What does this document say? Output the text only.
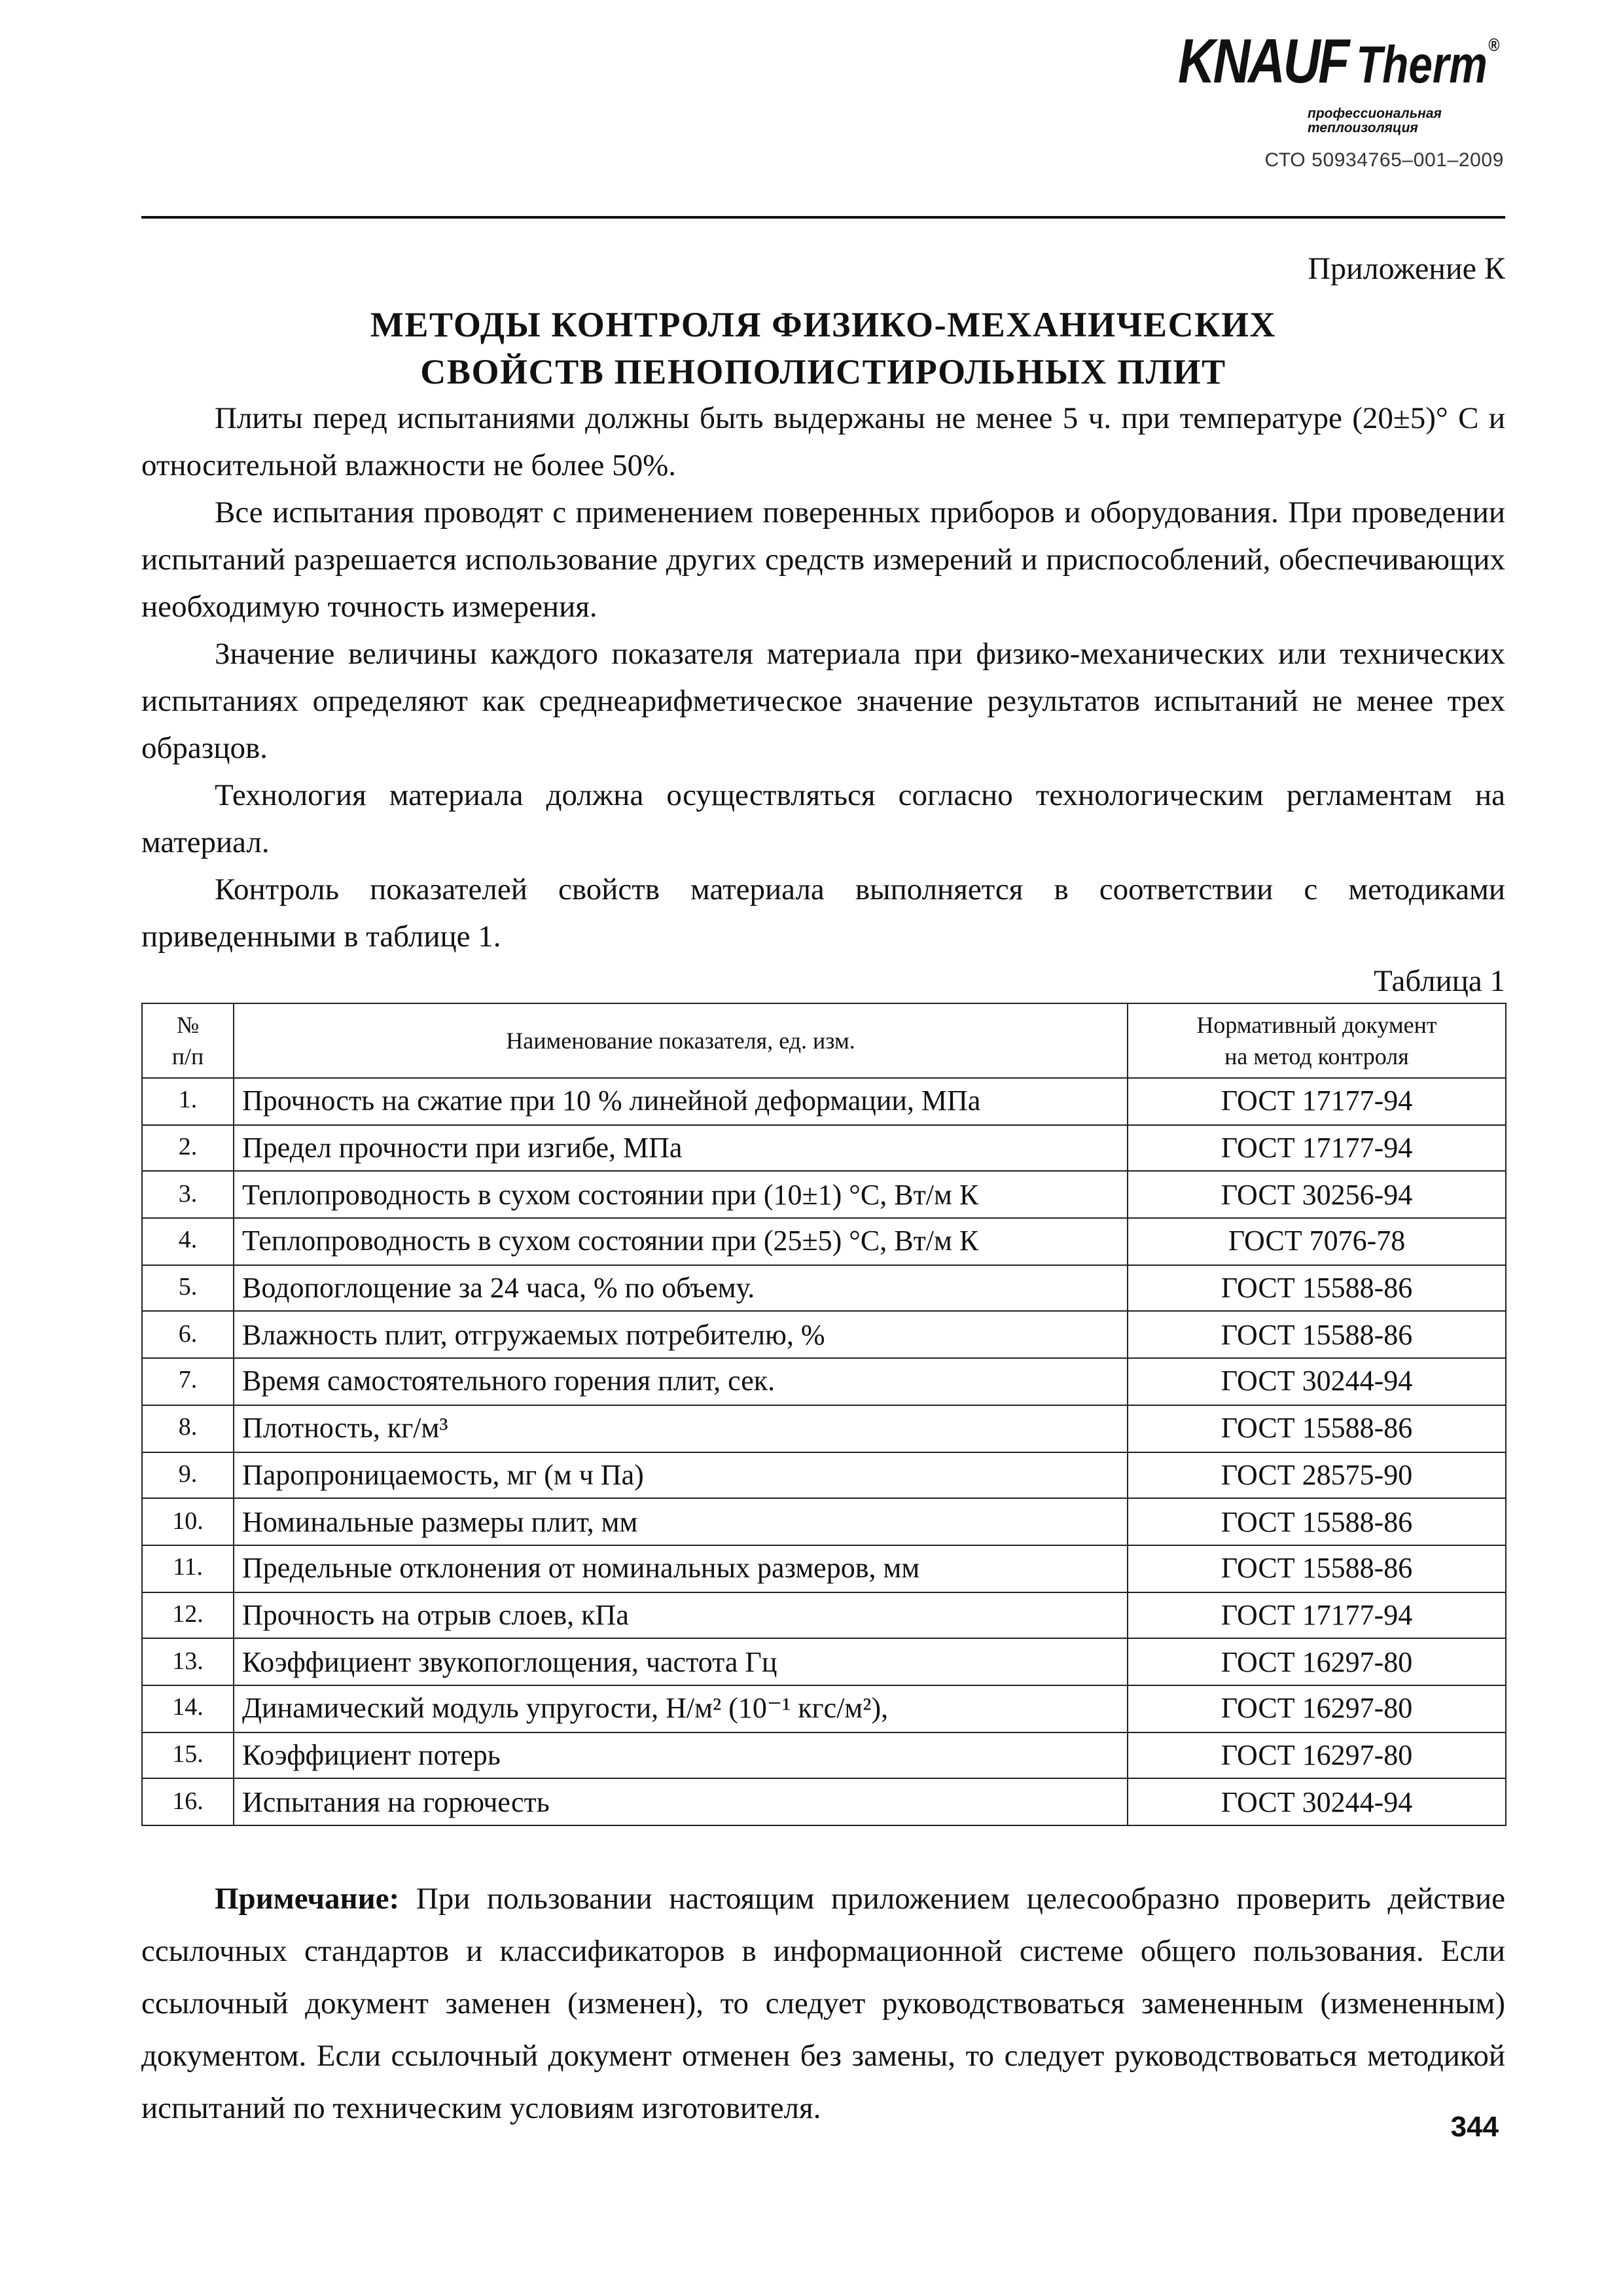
KNAUF Therm ®
профессиональная
теплоизоляция
СТО 50934765–001–2009
Приложение К
МЕТОДЫ КОНТРОЛЯ ФИЗИКО-МЕХАНИЧЕСКИХ
СВОЙСТВ ПЕНОПОЛИСТИРОЛЬНЫХ ПЛИТ

Плиты перед испытаниями должны быть выдержаны не менее 5 ч. при температуре (20±5)° С и относительной влажности не более 50%.

Все испытания проводят с применением поверенных приборов и оборудования. При проведении испытаний разрешается использование других средств измерений и приспособлений, обеспечивающих необходимую точность измерения.

Значение величины каждого показателя материала при физико-механических или технических испытаниях определяют как среднеарифметическое значение результатов испытаний не менее трех образцов.

Технология материала должна осуществляться согласно технологическим регламентам на материал.

Контроль показателей свойств материала выполняется в соответствии с методиками приведенными в таблице 1.

Таблица 1
№
п/п	Наименование показателя, ед. изм.	Нормативный документ
на метод контроля
1.	Прочность на сжатие при 10 % линейной деформации, МПа	ГОСТ 17177-94
2.	Предел прочности при изгибе, МПа	ГОСТ 17177-94
3.	Теплопроводность в сухом состоянии при (10±1) °С, Вт/м К	ГОСТ 30256-94
4.	Теплопроводность в сухом состоянии при (25±5) °С, Вт/м К	ГОСТ 7076-78
5.	Водопоглощение за 24 часа, % по объему.	ГОСТ 15588-86
6.	Влажность плит, отгружаемых потребителю, %	ГОСТ 15588-86
7.	Время самостоятельного горения плит, сек.	ГОСТ 30244-94
8.	Плотность, кг/м³	ГОСТ 15588-86
9.	Паропроницаемость, мг (м ч Па)	ГОСТ 28575-90
10.	Номинальные размеры плит, мм	ГОСТ 15588-86
11.	Предельные отклонения от номинальных размеров, мм	ГОСТ 15588-86
12.	Прочность на отрыв слоев, кПа	ГОСТ 17177-94
13.	Коэффициент звукопоглощения, частота Гц	ГОСТ 16297-80
14.	Динамический модуль упругости, Н/м² (10⁻¹ кгс/м²),	ГОСТ 16297-80
15.	Коэффициент потерь	ГОСТ 16297-80
16.	Испытания на горючесть	ГОСТ 30244-94
Примечание: При пользовании настоящим приложением целесообразно проверить действие ссылочных стандартов и классификаторов в информационной системе общего пользования. Если ссылочный документ заменен (изменен), то следует руководствоваться замененным (измененным) документом. Если ссылочный документ отменен без замены, то следует руководствоваться методикой испытаний по техническим условиям изготовителя.
344
